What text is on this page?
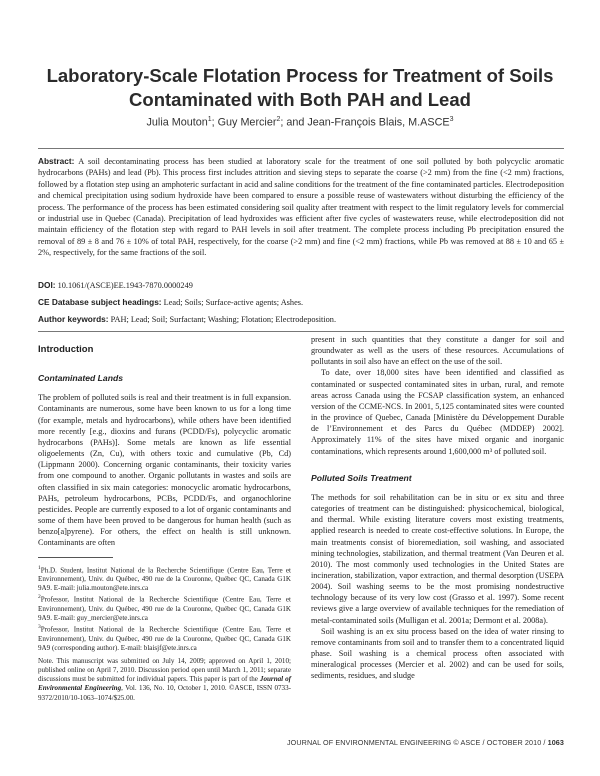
Laboratory-Scale Flotation Process for Treatment of Soils
Contaminated with Both PAH and Lead
Julia Mouton$^1$; Guy Mercier$^2$; and Jean-François Blais, M.ASCE$^3$

Abstract: A soil decontaminating process has been studied at laboratory scale for the treatment of one soil polluted by both polycyclic aromatic hydrocarbons (PAHs) and lead (Pb). This process first includes attrition and sieving steps to separate the coarse (>2 mm) from the fine (<2 mm) fractions, followed by a flotation step using an amphoteric surfactant in acid and saline conditions for the treatment of the fine contaminated particles. Electrodeposition and chemical precipitation using sodium hydroxide have been compared to ensure a possible reuse of wastewaters without disturbing the efficiency of the process. The performance of the process has been estimated considering soil quality after treatment with respect to the limit regulatory levels for commercial or industrial use in Quebec (Canada). Precipitation of lead hydroxides was efficient after five cycles of wastewaters reuse, while electrodeposition did not maintain efficiency of the flotation step with regard to PAH levels in soil after treatment. The complete process including Pb precipitation ensured the removal of 89 ± 8 and 76 ± 10% of total PAH, respectively, for the coarse (>2 mm) and fine (<2 mm) fractions, while Pb was removed at 88 ± 10 and 65 ± 2%, respectively, for the same fractions of the soil.

DOI: 10.1061/(ASCE)EE.1943-7870.0000249

CE Database subject headings: Lead; Soils; Surface-active agents; Ashes.

Author keywords: PAH; Lead; Soil; Surfactant; Washing; Flotation; Electrodeposition.

Introduction
Contaminated Lands

The problem of polluted soils is real and their treatment is in full expansion. Contaminants are numerous, some have been known to us for a long time (for example, metals and hydrocarbons), while others have been identified more recently [e.g., dioxins and furans (PCDD/Fs), polycyclic aromatic hydrocarbons (PAHs)]. Some metals are known as life essential oligoelements (Zn, Cu), with others toxic and cumulative (Pb, Cd) (Lippmann 2000). Concerning organic contaminants, their toxicity varies from one compound to another. Organic pollutants in wastes and soils are often classified in six main categories: monocyclic aromatic hydrocarbons, PAHs, petroleum hydrocarbons, PCBs, PCDD/Fs, and organochlorine pesticides. People are currently exposed to a lot of organic contaminants and some of them have been proved to be dangerous for human health (such as benzo[a]pyrene). For others, the effect on health is still unknown. Contaminants are often

$^1$Ph.D. Student, Institut National de la Recherche Scientifique (Centre Eau, Terre et Environnement), Univ. du Québec, 490 rue de la Couronne, Québec QC, Canada G1K 9A9. E-mail: julia.mouton@ete.inrs.ca

$^2$Professor, Institut National de la Recherche Scientifique (Centre Eau, Terre et Environnement), Univ. du Québec, 490 rue de la Couronne, Québec QC, Canada G1K 9A9. E-mail: guy_mercier@ete.inrs.ca

$^3$Professor, Institut National de la Recherche Scientifique (Centre Eau, Terre et Environnement), Univ. du Québec, 490 rue de la Couronne, Québec QC, Canada G1K 9A9 (corresponding author). E-mail: blaisjf@ete.inrs.ca

Note. This manuscript was submitted on July 14, 2009; approved on April 1, 2010; published online on April 7, 2010. Discussion period open until March 1, 2011; separate discussions must be submitted for individual papers. This paper is part of the Journal of Environmental Engineering, Vol. 136, No. 10, October 1, 2010. ©ASCE, ISSN 0733-9372/2010/10-1063–1074/$25.00.

present in such quantities that they constitute a danger for soil and groundwater as well as the users of these resources. Accumulations of pollutants in soil also have an effect on the use of the soil.

To date, over 18,000 sites have been identified and classified as contaminated or suspected contaminated sites in urban, rural, and remote areas across Canada using the FCSAP classification system, an enhanced version of the CCME-NCS. In 2001, 5,125 contaminated sites were counted in the province of Quebec, Canada [Ministère du Développement Durable de l’Environnement et des Parcs du Québec (MDDEP) 2002]. Approximately 11% of the sites have mixed organic and inorganic contaminations, which represents around 1,600,000 m³ of polluted soil.

Polluted Soils Treatment

The methods for soil rehabilitation can be in situ or ex situ and three categories of treatment can be distinguished: physicochemical, biological, and thermal. While existing literature covers most existing treatments, applied research is needed to create cost-effective solutions. In Europe, the main treatments consist of bioremediation, soil washing, and associated mining technologies, stabilization, and thermal treatment (Van Deuren et al. 2010). The most commonly used technologies in the United States are incineration, stabilization, vapor extraction, and thermal desorption (USEPA 2004). Soil washing seems to be the most promising nondestructive technology because of its very low cost (Grasso et al. 1997). Some recent reviews give a large overview of available techniques for the remediation of metal-contaminated soils (Mulligan et al. 2001a; Dermont et al. 2008a).

Soil washing is an ex situ process based on the idea of water rinsing to remove contaminants from soil and to transfer them to a concentrated liquid phase. Soil washing is a chemical process often associated with mineralogical processes (Mercier et al. 2002) and can be used for soils, sediments, residues, and sludge

JOURNAL OF ENVIRONMENTAL ENGINEERING © ASCE / OCTOBER 2010 / 1063
